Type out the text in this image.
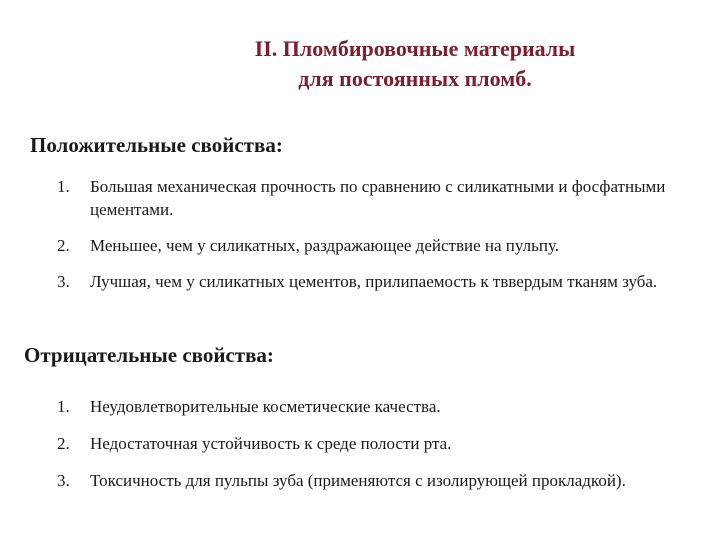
II. Пломбировочные материалы
для постоянных пломб.
Положительные свойства:
1. Большая механическая прочность по сравнению с силикатными и фосфатными цементами.
2. Меньшее, чем у силикатных, раздражающее действие на пульпу.
3. Лучшая, чем у силикатных цементов, прилипаемость к тввердым тканям зуба.
Отрицательные свойства:
1. Неудовлетворительные косметические качества.
2. Недостаточная устойчивость к среде полости рта.
3. Токсичность для пульпы зуба (применяются с изолирующей прокладкой).
